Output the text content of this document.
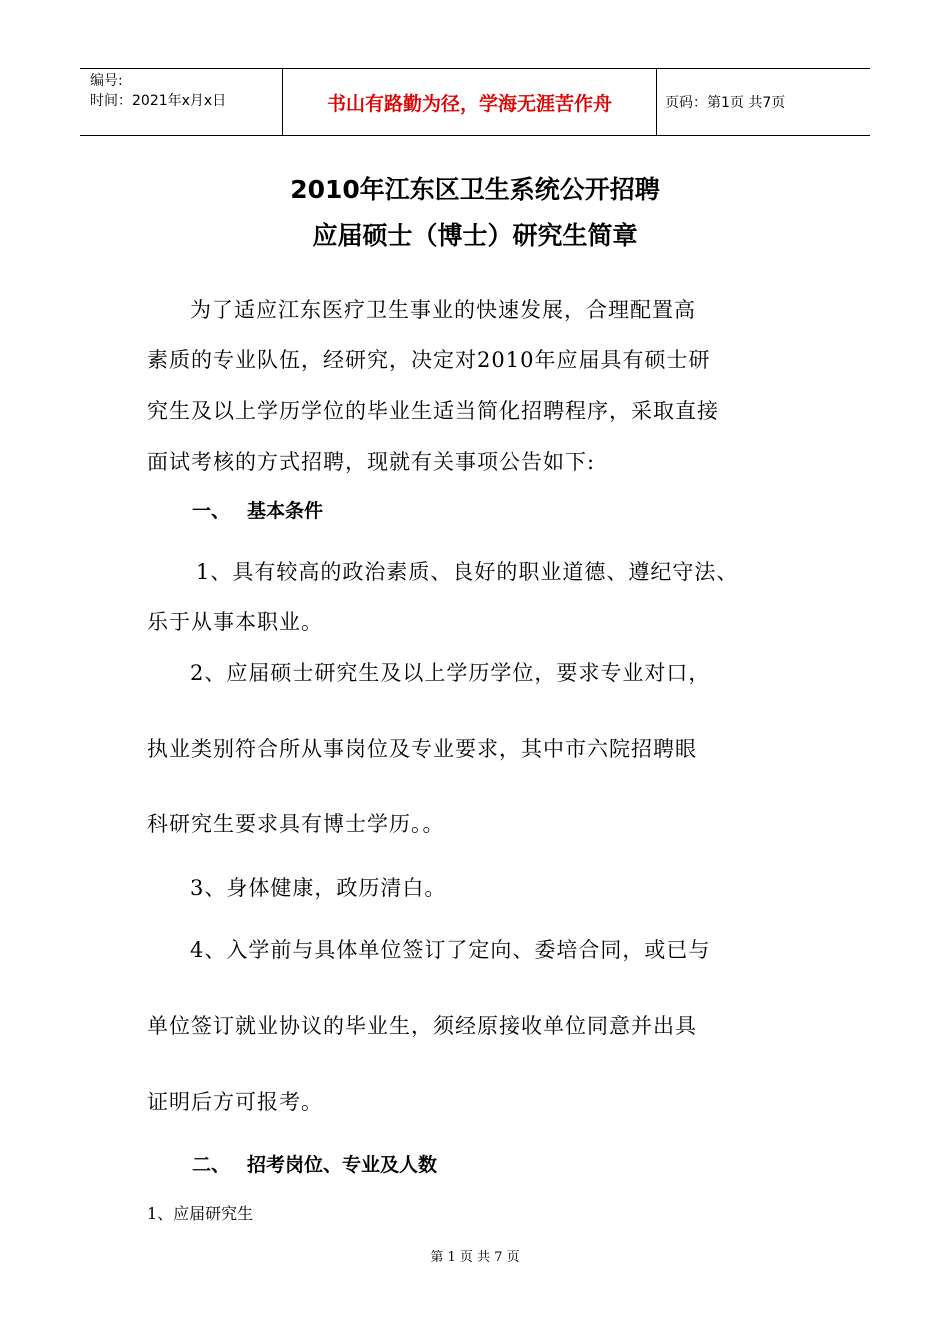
编号:
时间：2021年x月x日	书山有路勤为径，学海无涯苦作舟	页码：第1页 共7页
2010年江东区卫生系统公开招聘
应届硕士（博士）研究生简章
为了适应江东医疗卫生事业的快速发展，合理配置高
素质的专业队伍，经研究，决定对2010年应届具有硕士研
究生及以上学历学位的毕业生适当简化招聘程序，采取直接
面试考核的方式招聘，现就有关事项公告如下:
一、 基本条件
1、具有较高的政治素质、良好的职业道德、遵纪守法、
乐于从事本职业。
2、应届硕士研究生及以上学历学位，要求专业对口，
执业类别符合所从事岗位及专业要求，其中市六院招聘眼
科研究生要求具有博士学历。。
3、身体健康，政历清白。
4、入学前与具体单位签订了定向、委培合同，或已与
单位签订就业协议的毕业生，须经原接收单位同意并出具
证明后方可报考。
二、 招考岗位、专业及人数
1、应届研究生
第 1 页 共 7 页
